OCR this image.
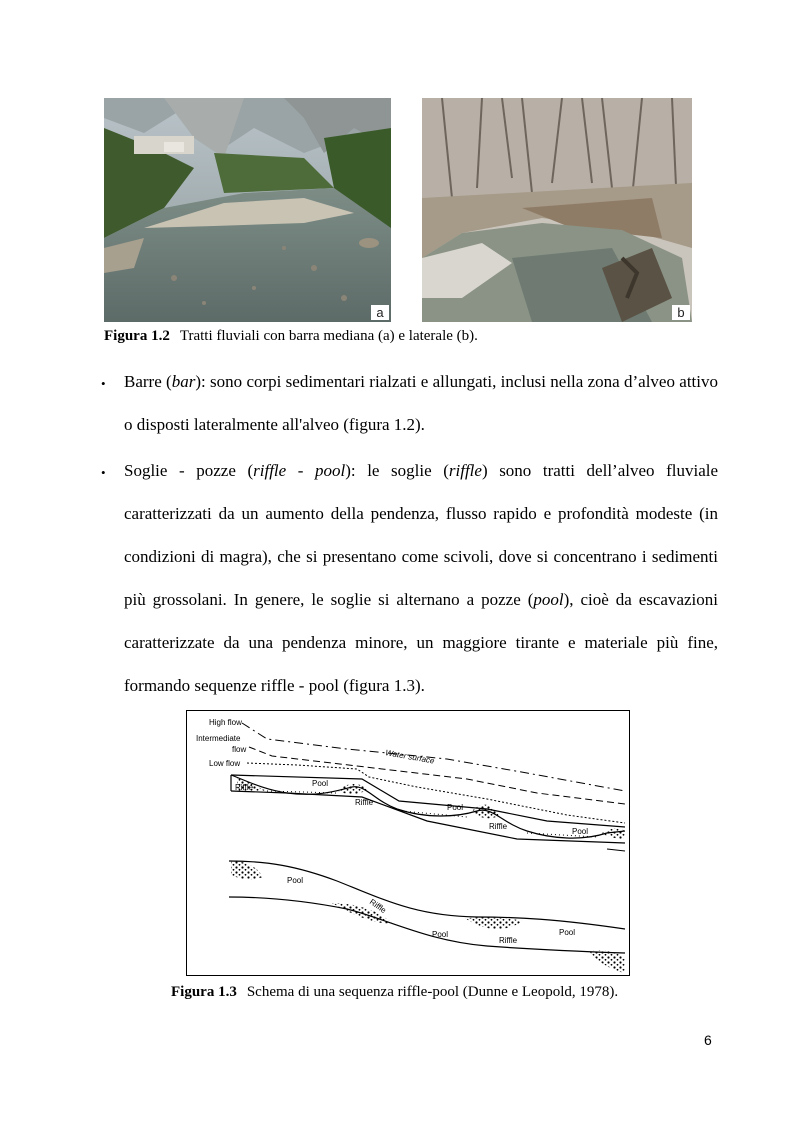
a	b
Figura 1.2 Tratti fluviali con barra mediana (a) e laterale (b).
• Barre (bar): sono corpi sedimentari rialzati e allungati, inclusi nella zona d’alveo attivo o disposti lateralmente all'alveo (figura 1.2).
• Soglie - pozze (riffle - pool): le soglie (riffle) sono tratti dell’alveo fluviale caratterizzati da un aumento della pendenza, flusso rapido e profondità modeste (in condizioni di magra), che si presentano come scivoli, dove si concentrano i sedimenti più grossolani. In genere, le soglie si alternano a pozze (pool), cioè da escavazioni caratterizzate da una pendenza minore, un maggiore tirante e materiale più fine, formando sequenze riffle - pool (figura 1.3).
High flow
Intermediate
flow
Low flow	Water surface
Riffle	Pool
Riffle
Pool
Riffle
Pool
Pool
Riffle
Pool
Riffle
Pool
Figura 1.3 Schema di una sequenza riffle-pool (Dunne e Leopold, 1978).
6
